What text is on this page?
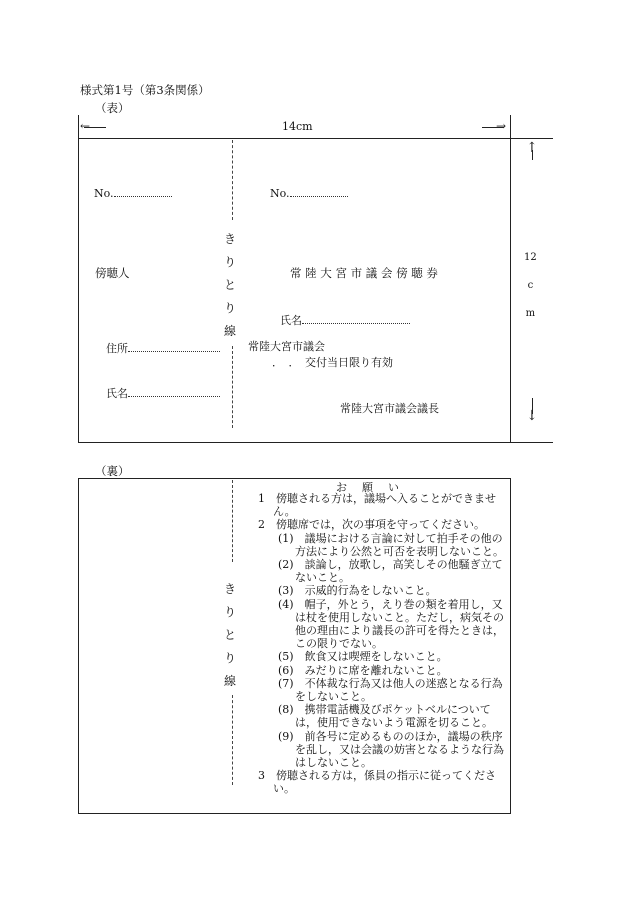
様式第1号（第3条関係）
（表）
←	→
14cm
↑
12
c
m
↓
No.
傍聴人
住所
氏名
き
り
と
り
線
No.
常 陸 大 宮 市 議 会 傍 聴 券
氏名
常陸大宮市議会
．　．　交付当日限り有効
常陸大宮市議会議長
（裏）
き
り
と
り
線
お　願　い

1　傍聴される方は，議場へ入ることができません。

2　傍聴席では，次の事項を守ってください。

(1)　議場における言論に対して拍手その他の方法により公然と可否を表明しないこと。

(2)　談論し，放歌し，高笑しその他騒ぎ立てないこと。

(3)　示威的行為をしないこと。

(4)　帽子，外とう，えり巻の類を着用し，又は杖を使用しないこと。ただし，病気その他の理由により議長の許可を得たときは，この限りでない。

(5)　飲食又は喫煙をしないこと。

(6)　みだりに席を離れないこと。

(7)　不体裁な行為又は他人の迷惑となる行為をしないこと。

(8)　携帯電話機及びポケットベルについては，使用できないよう電源を切ること。

(9)　前各号に定めるもののほか，議場の秩序を乱し，又は会議の妨害となるような行為はしないこと。

3　傍聴される方は，係員の指示に従ってください。
